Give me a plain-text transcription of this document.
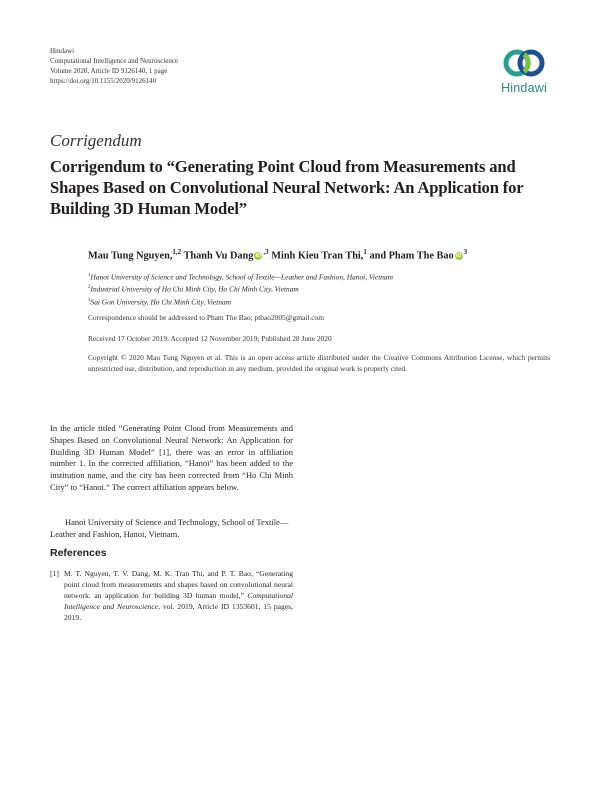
Hindawi
Computational Intelligence and Neuroscience
Volume 2020, Article ID 9126140, 1 page
https://doi.org/10.1155/2020/9126140	Hindawi
Corrigendum
Corrigendum to “Generating Point Cloud from Measurements and Shapes Based on Convolutional Neural Network: An Application for Building 3D Human Model”
Mau Tung Nguyen,$^{1,2}$ Thanh Vu Dang $iD^{,3}$ Minh Kieu Tran Thi,$^1$ and Pham The Bao $iD^3$
$^1$Hanoi University of Science and Technology, School of Textile—Leather and Fashion, Hanoi, Vietnam
$^2$Industrial University of Ho Chi Minh City, Ho Chi Minh City, Vietnam
$^3$Sai Gon University, Ho Chi Minh City, Vietnam
Correspondence should be addressed to Pham The Bao; ptbao2005@gmail.com
Received 17 October 2019; Accepted 12 November 2019; Published 28 June 2020
Copyright © 2020 Mau Tung Nguyen et al. This is an open access article distributed under the Creative Commons Attribution License, which permits unrestricted use, distribution, and reproduction in any medium, provided the original work is properly cited.
In the article titled “Generating Point Cloud from Measurements and Shapes Based on Convolutional Neural Network: An Application for Building 3D Human Model” [1], there was an error in affiliation number 1. In the corrected affiliation, “Hanoi” has been added to the institution name, and the city has been corrected from “Ho Chi Minh City” to “Hanoi.” The correct affiliation appears below.
Hanoi University of Science and Technology, School of Textile—Leather and Fashion, Hanoi, Vietnam.
References
[1] M. T. Nguyen, T. V. Dang, M. K. Tran Thi, and P. T. Bao, “Generating point cloud from measurements and shapes based on convolutional neural network: an application for building 3D human model,” Computational Intelligence and Neuroscience, vol. 2019, Article ID 1353601, 15 pages, 2019.
